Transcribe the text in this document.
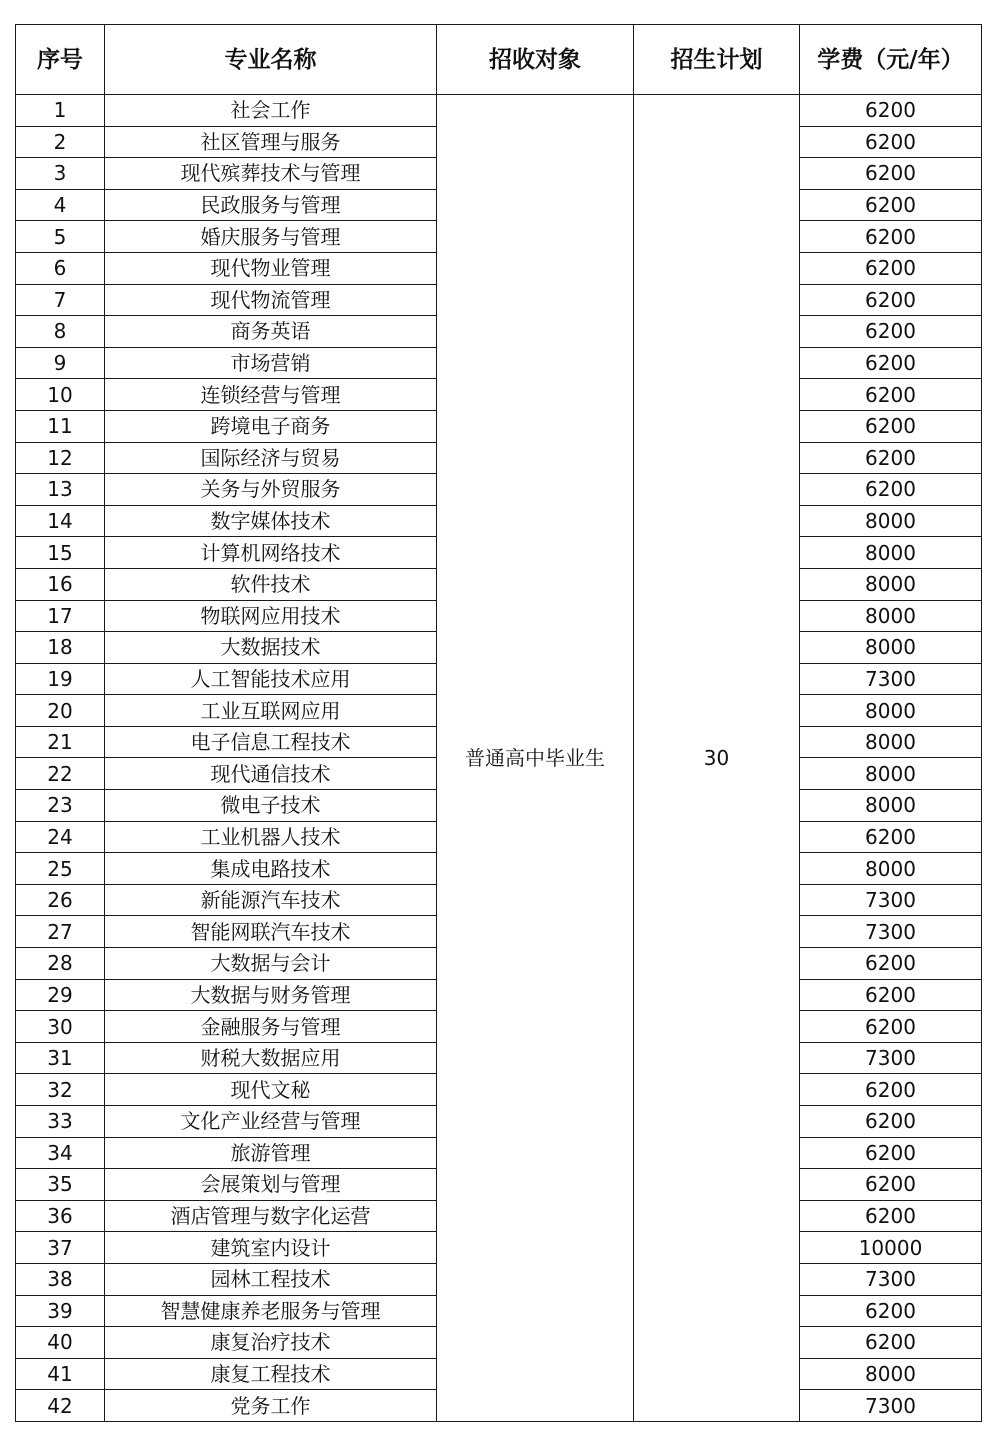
序号	专业名称	招收对象	招生计划	学费（元/年）
1	社会工作	普通高中毕业生	30	6200
2	社区管理与服务			6200
3	现代殡葬技术与管理			6200
4	民政服务与管理			6200
5	婚庆服务与管理			6200
6	现代物业管理			6200
7	现代物流管理			6200
8	商务英语			6200
9	市场营销			6200
10	连锁经营与管理			6200
11	跨境电子商务			6200
12	国际经济与贸易			6200
13	关务与外贸服务			6200
14	数字媒体技术			8000
15	计算机网络技术			8000
16	软件技术			8000
17	物联网应用技术			8000
18	大数据技术			8000
19	人工智能技术应用			7300
20	工业互联网应用			8000
21	电子信息工程技术			8000
22	现代通信技术			8000
23	微电子技术			8000
24	工业机器人技术			6200
25	集成电路技术			8000
26	新能源汽车技术			7300
27	智能网联汽车技术			7300
28	大数据与会计			6200
29	大数据与财务管理			6200
30	金融服务与管理			6200
31	财税大数据应用			7300
32	现代文秘			6200
33	文化产业经营与管理			6200
34	旅游管理			6200
35	会展策划与管理			6200
36	酒店管理与数字化运营			6200
37	建筑室内设计			10000
38	园林工程技术			7300
39	智慧健康养老服务与管理			6200
40	康复治疗技术			6200
41	康复工程技术			8000
42	党务工作			7300
